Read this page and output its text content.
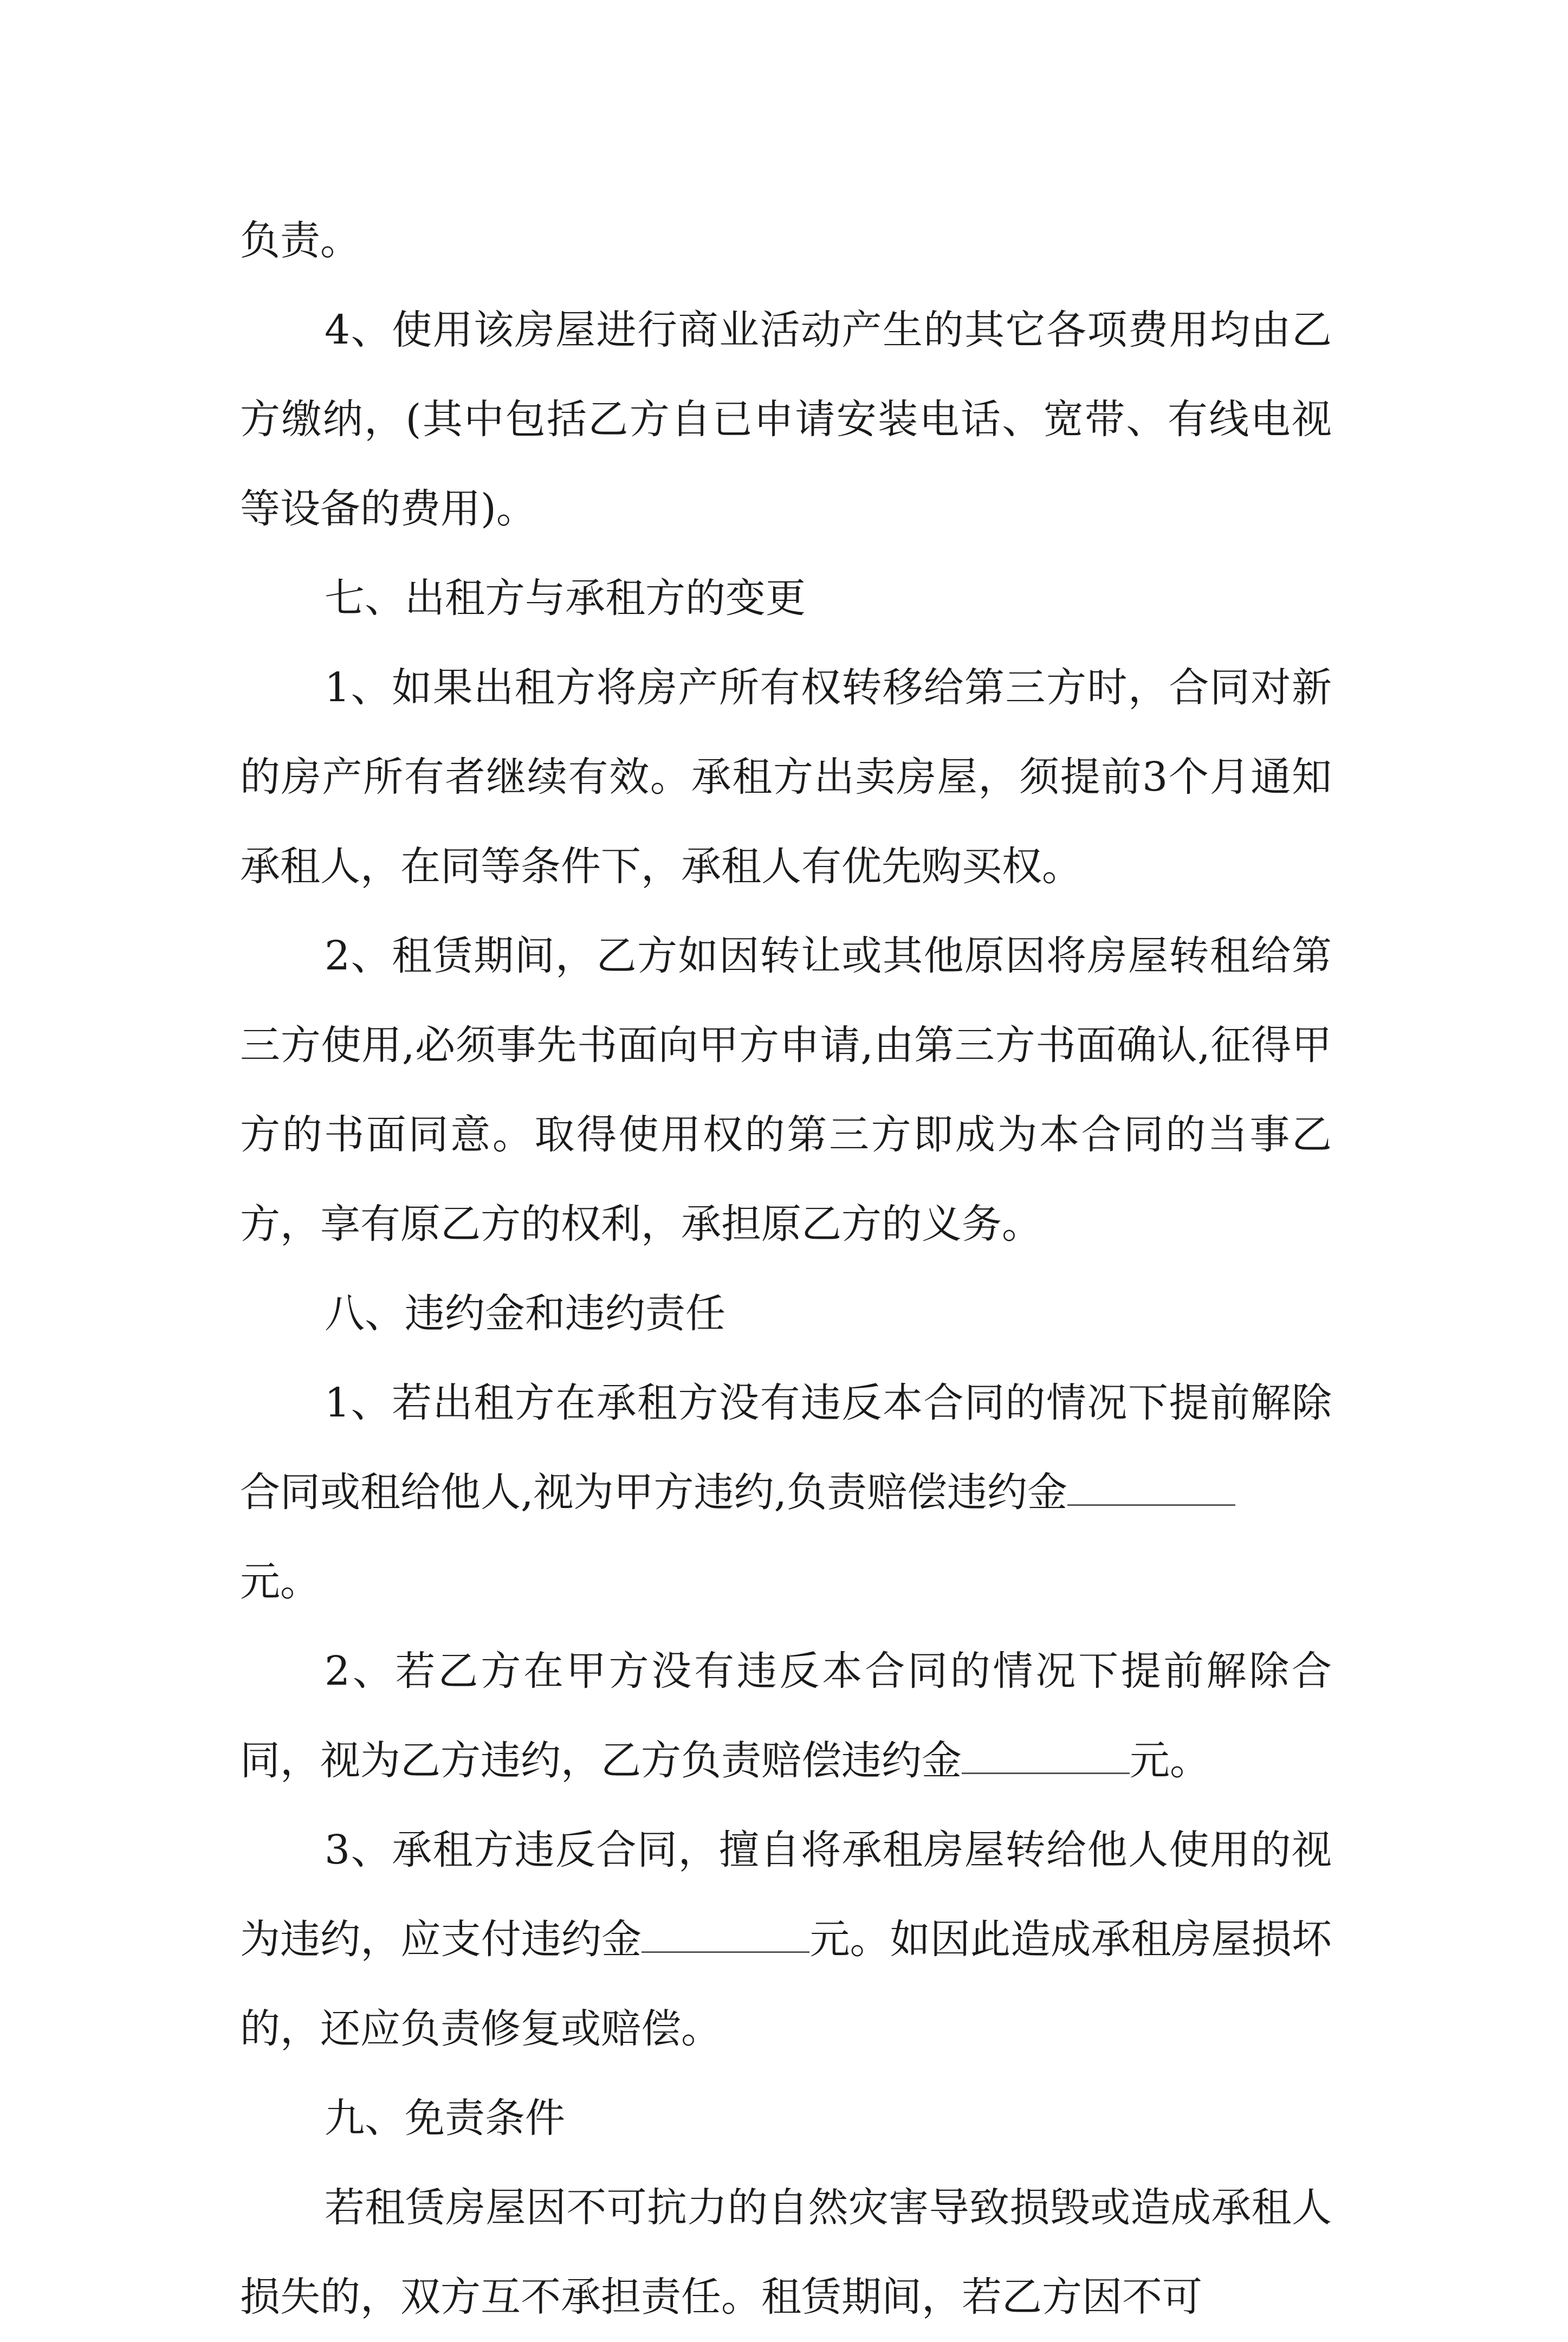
负责。

4、使用该房屋进行商业活动产生的其它各项费用均由乙方缴纳，(其中包括乙方自已申请安装电话、宽带、有线电视等设备的费用)。

七、出租方与承租方的变更

1、如果出租方将房产所有权转移给第三方时，合同对新的房产所有者继续有效。承租方出卖房屋，须提前3个月通知承租人，在同等条件下，承租人有优先购买权。

2、租赁期间，乙方如因转让或其他原因将房屋转租给第三方使用,必须事先书面向甲方申请,由第三方书面确认,征得甲方的书面同意。取得使用权的第三方即成为本合同的当事乙方，享有原乙方的权利，承担原乙方的义务。

八、违约金和违约责任

1、若出租方在承租方没有违反本合同的情况下提前解除合同或租给他人,视为甲方违约,负责赔偿违约金
元。

2、若乙方在甲方没有违反本合同的情况下提前解除合同，视为乙方违约，乙方负责赔偿违约金	元。

3、承租方违反合同，擅自将承租房屋转给他人使用的视为违约，应支付违约金	元。如因此造成承租房屋损坏的，还应负责修复或赔偿。

九、免责条件

若租赁房屋因不可抗力的自然灾害导致损毁或造成承租人损失的，双方互不承担责任。租赁期间，若乙方因不可
